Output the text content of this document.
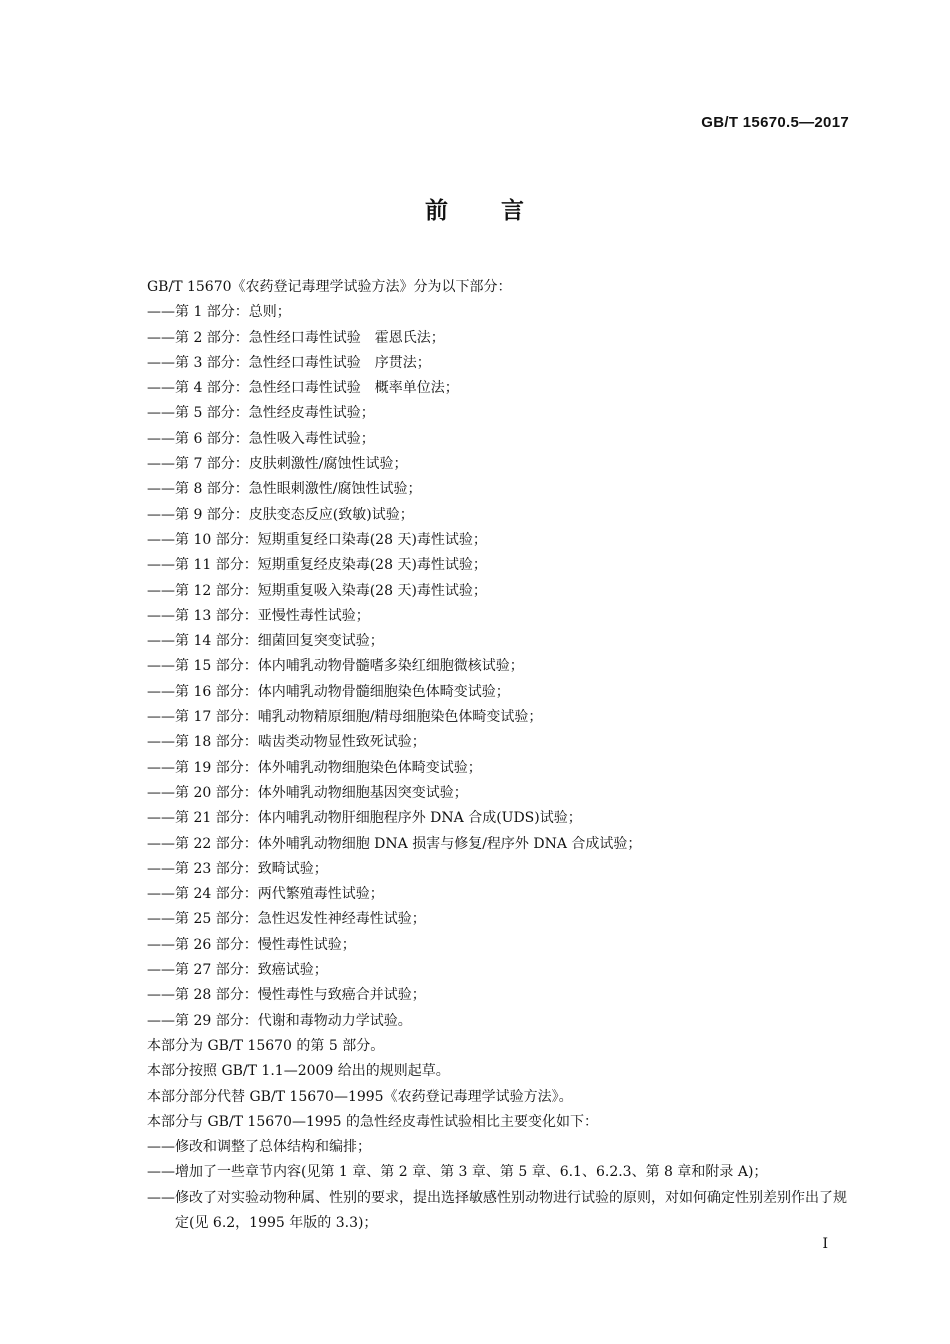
GB/T 15670.5—2017
前 言
GB/T 15670《农药登记毒理学试验方法》分为以下部分：
——第 1 部分：总则；
——第 2 部分：急性经口毒性试验　霍恩氏法；
——第 3 部分：急性经口毒性试验　序贯法；
——第 4 部分：急性经口毒性试验　概率单位法；
——第 5 部分：急性经皮毒性试验；
——第 6 部分：急性吸入毒性试验；
——第 7 部分：皮肤刺激性/腐蚀性试验；
——第 8 部分：急性眼刺激性/腐蚀性试验；
——第 9 部分：皮肤变态反应(致敏)试验；
——第 10 部分：短期重复经口染毒(28 天)毒性试验；
——第 11 部分：短期重复经皮染毒(28 天)毒性试验；
——第 12 部分：短期重复吸入染毒(28 天)毒性试验；
——第 13 部分：亚慢性毒性试验；
——第 14 部分：细菌回复突变试验；
——第 15 部分：体内哺乳动物骨髓嗜多染红细胞微核试验；
——第 16 部分：体内哺乳动物骨髓细胞染色体畸变试验；
——第 17 部分：哺乳动物精原细胞/精母细胞染色体畸变试验；
——第 18 部分：啮齿类动物显性致死试验；
——第 19 部分：体外哺乳动物细胞染色体畸变试验；
——第 20 部分：体外哺乳动物细胞基因突变试验；
——第 21 部分：体内哺乳动物肝细胞程序外 DNA 合成(UDS)试验；
——第 22 部分：体外哺乳动物细胞 DNA 损害与修复/程序外 DNA 合成试验；
——第 23 部分：致畸试验；
——第 24 部分：两代繁殖毒性试验；
——第 25 部分：急性迟发性神经毒性试验；
——第 26 部分：慢性毒性试验；
——第 27 部分：致癌试验；
——第 28 部分：慢性毒性与致癌合并试验；
——第 29 部分：代谢和毒物动力学试验。
本部分为 GB/T 15670 的第 5 部分。
本部分按照 GB/T 1.1—2009 给出的规则起草。
本部分部分代替 GB/T 15670—1995《农药登记毒理学试验方法》。
本部分与 GB/T 15670—1995 的急性经皮毒性试验相比主要变化如下：
——修改和调整了总体结构和编排；
——增加了一些章节内容(见第 1 章、第 2 章、第 3 章、第 5 章、6.1、6.2.3、第 8 章和附录 A)；
——修改了对实验动物种属、性别的要求，提出选择敏感性别动物进行试验的原则，对如何确定性别差别作出了规定(见 6.2，1995 年版的 3.3)；
I
